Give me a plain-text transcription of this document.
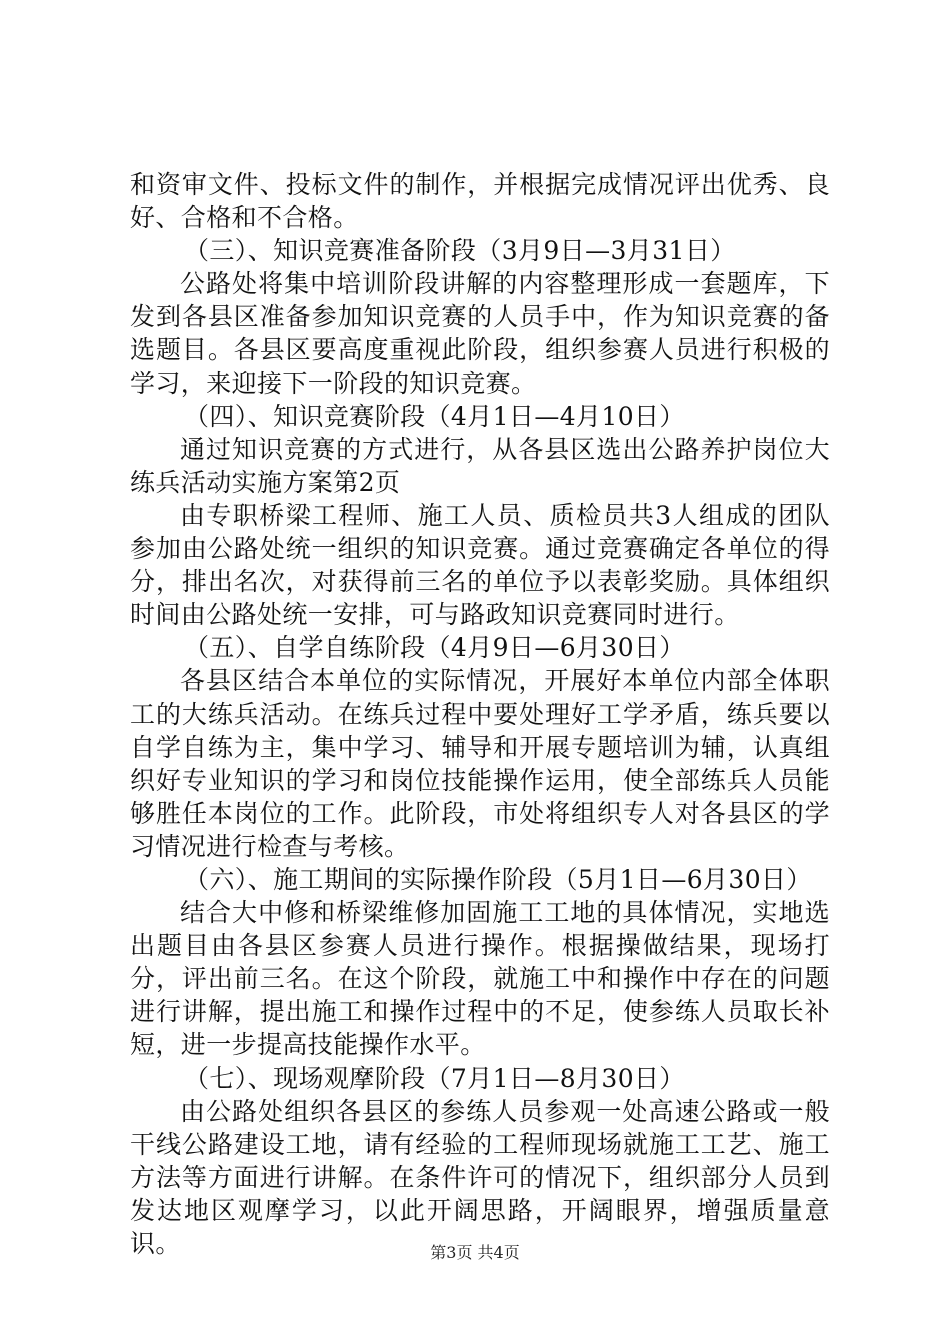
和资审文件、投标文件的制作，并根据完成情况评出优秀、良好、合格和不合格。

（三）、知识竞赛准备阶段（3月9日—3月31日）

公路处将集中培训阶段讲解的内容整理形成一套题库，下发到各县区准备参加知识竞赛的人员手中，作为知识竞赛的备选题目。各县区要高度重视此阶段，组织参赛人员进行积极的学习，来迎接下一阶段的知识竞赛。

（四）、知识竞赛阶段（4月1日—4月10日）

通过知识竞赛的方式进行，从各县区选出公路养护岗位大练兵活动实施方案第2页

由专职桥梁工程师、施工人员、质检员共3人组成的团队参加由公路处统一组织的知识竞赛。通过竞赛确定各单位的得分，排出名次，对获得前三名的单位予以表彰奖励。具体组织时间由公路处统一安排，可与路政知识竞赛同时进行。

（五）、自学自练阶段（4月9日—6月30日）

各县区结合本单位的实际情况，开展好本单位内部全体职工的大练兵活动。在练兵过程中要处理好工学矛盾，练兵要以自学自练为主，集中学习、辅导和开展专题培训为辅，认真组织好专业知识的学习和岗位技能操作运用，使全部练兵人员能够胜任本岗位的工作。此阶段，市处将组织专人对各县区的学习情况进行检查与考核。

（六）、施工期间的实际操作阶段（5月1日—6月30日）

结合大中修和桥梁维修加固施工工地的具体情况，实地选出题目由各县区参赛人员进行操作。根据操做结果，现场打分，评出前三名。在这个阶段，就施工中和操作中存在的问题进行讲解，提出施工和操作过程中的不足，使参练人员取长补短，进一步提高技能操作水平。

（七）、现场观摩阶段（7月1日—8月30日）

由公路处组织各县区的参练人员参观一处高速公路或一般干线公路建设工地，请有经验的工程师现场就施工工艺、施工方法等方面进行讲解。在条件许可的情况下，组织部分人员到发达地区观摩学习，以此开阔思路，开阔眼界，增强质量意识。	第3页 共4页
